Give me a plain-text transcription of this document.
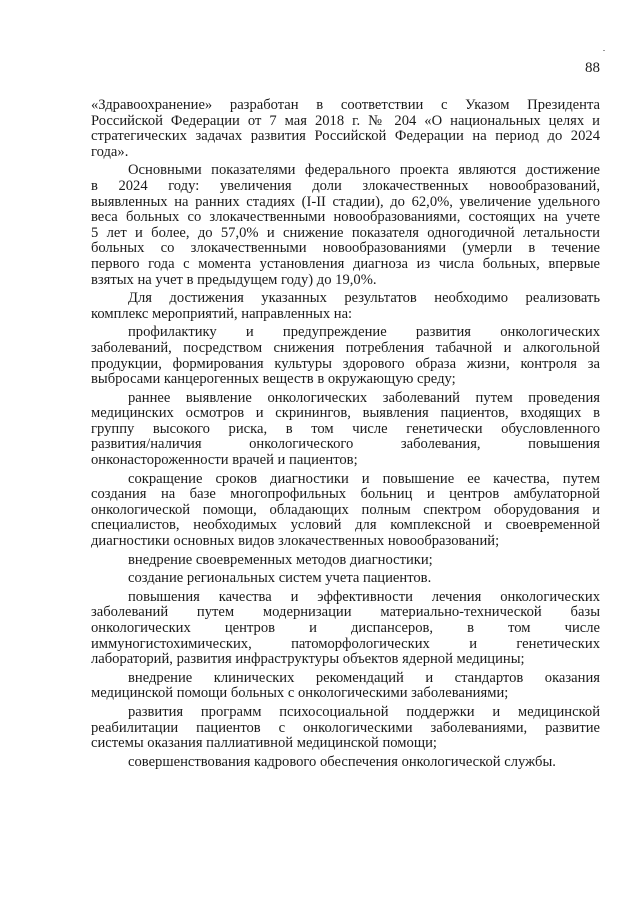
88
«Здравоохранение» разработан в соответствии с Указом Президента
Российской Федерации от 7 мая 2018 г. № 204 «О национальных целях и
стратегических задачах развития Российской Федерации на период до 2024
года».
Основными показателями федерального проекта являются достижение
в 2024 году: увеличения доли злокачественных новообразований,
выявленных на ранних стадиях (I-II стадии), до 62,0%, увеличение удельного
веса больных со злокачественными новообразованиями, состоящих на учете
5 лет и более, до 57,0% и снижение показателя одногодичной летальности
больных со злокачественными новообразованиями (умерли в течение
первого года с момента установления диагноза из числа больных, впервые
взятых на учет в предыдущем году) до 19,0%.
Для достижения указанных результатов необходимо реализовать
комплекс мероприятий, направленных на:
профилактику и предупреждение развития онкологических
заболеваний, посредством снижения потребления табачной и алкогольной
продукции, формирования культуры здорового образа жизни, контроля за
выбросами канцерогенных веществ в окружающую среду;
раннее выявление онкологических заболеваний путем проведения
медицинских осмотров и скринингов, выявления пациентов, входящих в
группу высокого риска, в том числе генетически обусловленного
развития/наличия онкологического заболевания, повышения
онконастороженности врачей и пациентов;
сокращение сроков диагностики и повышение ее качества, путем
создания на базе многопрофильных больниц и центров амбулаторной
онкологической помощи, обладающих полным спектром оборудования и
специалистов, необходимых условий для комплексной и своевременной
диагностики основных видов злокачественных новообразований;
внедрение своевременных методов диагностики;
создание региональных систем учета пациентов.
повышения качества и эффективности лечения онкологических
заболеваний путем модернизации материально-технической базы
онкологических центров и диспансеров, в том числе
иммуногистохимических, патоморфологических и генетических
лабораторий, развития инфраструктуры объектов ядерной медицины;
внедрение клинических рекомендаций и стандартов оказания
медицинской помощи больных с онкологическими заболеваниями;
развития программ психосоциальной поддержки и медицинской
реабилитации пациентов с онкологическими заболеваниями, развитие
системы оказания паллиативной медицинской помощи;
совершенствования кадрового обеспечения онкологической службы.
